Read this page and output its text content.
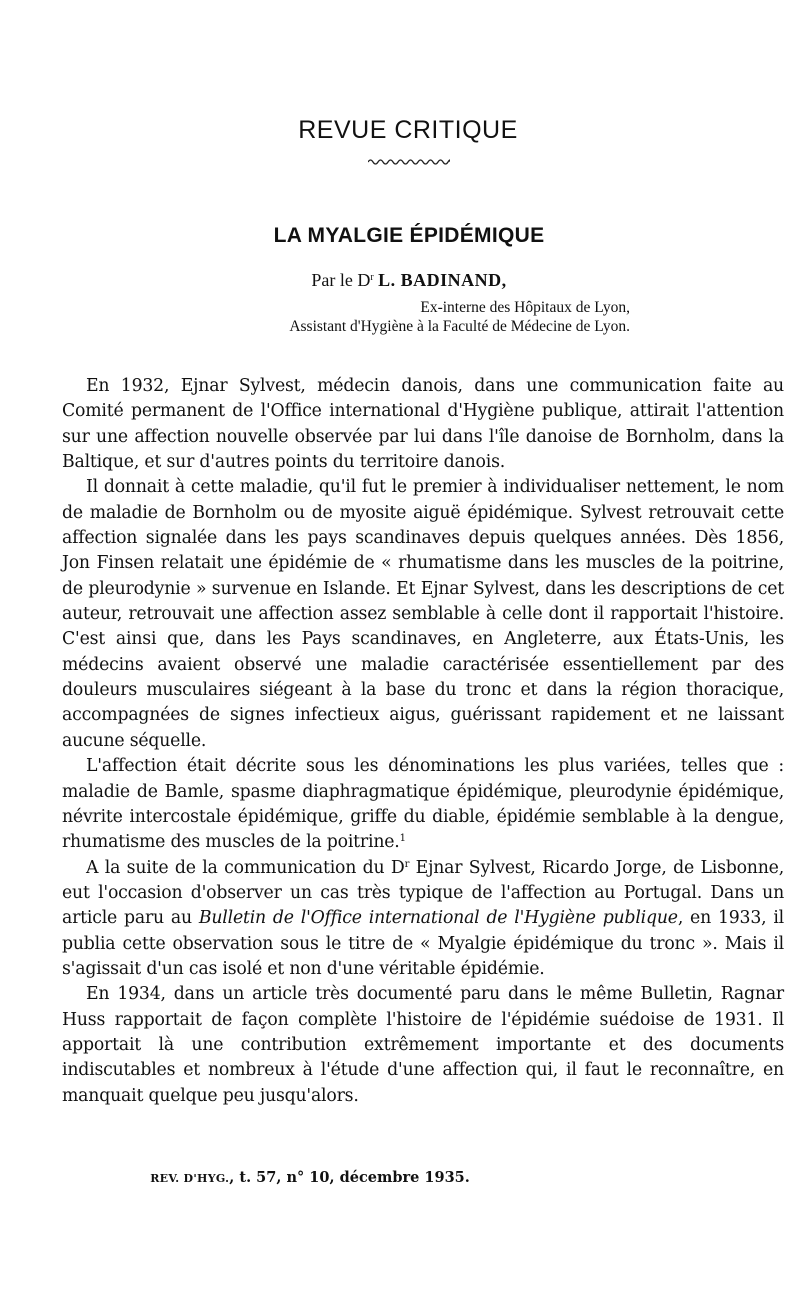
REVUE CRITIQUE
LA MYALGIE ÉPIDÉMIQUE
Par le $D^r$ L. BADINAND,
Ex-interne des Hôpitaux de Lyon,
Assistant d'Hygiène à la Faculté de Médecine de Lyon.

En 1932, Ejnar Sylvest, médecin danois, dans une communication faite au Comité permanent de l'Office international d'Hygiène publique, attirait l'attention sur une affection nouvelle observée par lui dans l'île danoise de Bornholm, dans la Baltique, et sur d'autres points du territoire danois.

Il donnait à cette maladie, qu'il fut le premier à individualiser nettement, le nom de maladie de Bornholm ou de myosite aiguë épidémique. Sylvest retrouvait cette affection signalée dans les pays scandinaves depuis quelques années. Dès 1856, Jon Finsen relatait une épidémie de « rhumatisme dans les muscles de la poitrine, de pleurodynie » survenue en Islande. Et Ejnar Sylvest, dans les descriptions de cet auteur, retrouvait une affection assez semblable à celle dont il rapportait l'histoire. C'est ainsi que, dans les Pays scandinaves, en Angleterre, aux États-Unis, les médecins avaient observé une maladie caractérisée essentiellement par des douleurs musculaires siégeant à la base du tronc et dans la région thoracique, accompagnées de signes infectieux aigus, guérissant rapidement et ne laissant aucune séquelle.

L'affection était décrite sous les dénominations les plus variées, telles que : maladie de Bamle, spasme diaphragmatique épidémique, pleurodynie épidémique, névrite intercostale épidémique, griffe du diable, épidémie semblable à la dengue, rhumatisme des muscles de la poitrine.$^1$

A la suite de la communication du $D^r$ Ejnar Sylvest, Ricardo Jorge, de Lisbonne, eut l'occasion d'observer un cas très typique de l'affection au Portugal. Dans un article paru au Bulletin de l'Office international de l'Hygiène publique, en 1933, il publia cette observation sous le titre de « Myalgie épidémique du tronc ». Mais il s'agissait d'un cas isolé et non d'une véritable épidémie.

En 1934, dans un article très documenté paru dans le même Bulletin, Ragnar Huss rapportait de façon complète l'histoire de l'épidémie suédoise de 1931. Il apportait là une contribution extrêmement importante et des documents indiscutables et nombreux à l'étude d'une affection qui, il faut le reconnaître, en manquait quelque peu jusqu'alors.

REV. D'HYG., t. 57, n° 10, décembre 1935.
